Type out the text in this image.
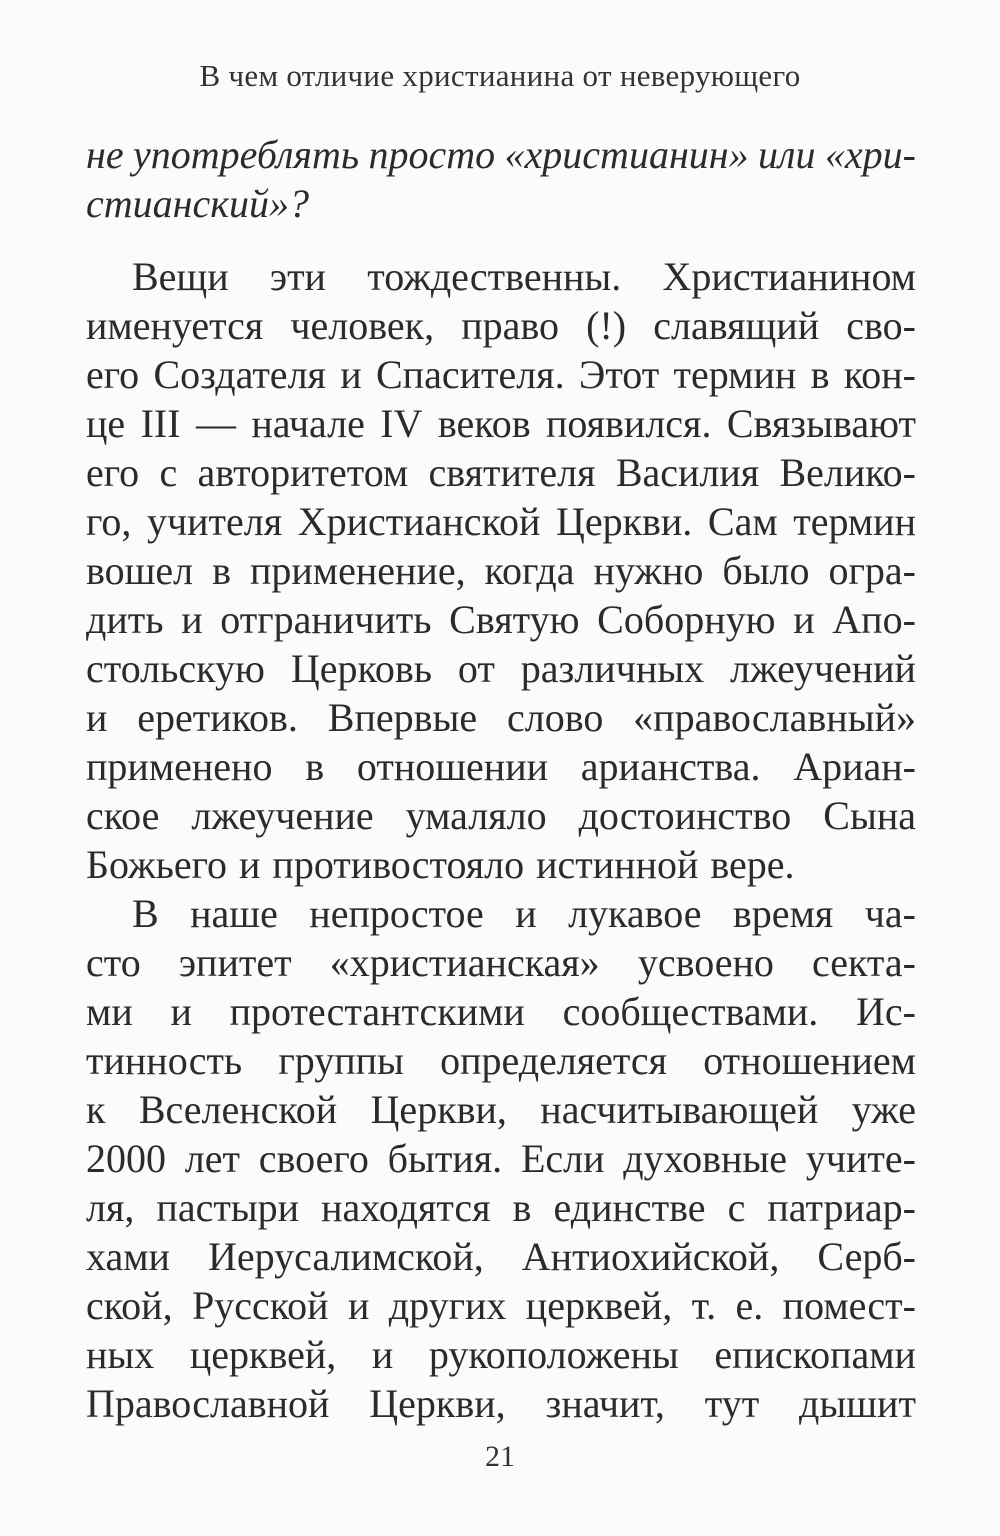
В чем отличие христианина от неверующего
не употреблять просто «христианин» или «хри-
стианский»?
Вещи эти тождественны. Христианином
именуется человек, право (!) славящий сво-
его Создателя и Спасителя. Этот термин в кон-
це III — начале IV веков появился. Связывают
его с авторитетом святителя Василия Велико-
го, учителя Христианской Церкви. Сам термин
вошел в применение, когда нужно было огра-
дить и отграничить Святую Соборную и Апо-
стольскую Церковь от различных лжеучений
и еретиков. Впервые слово «православный»
применено в отношении арианства. Ариан-
ское лжеучение умаляло достоинство Сына
Божьего и противостояло истинной вере.
В наше непростое и лукавое время ча-
сто эпитет «христианская» усвоено секта-
ми и протестантскими сообществами. Ис-
тинность группы определяется отношением
к Вселенской Церкви, насчитывающей уже
2000 лет своего бытия. Если духовные учите-
ля, пастыри находятся в единстве с патриар-
хами Иерусалимской, Антиохийской, Серб-
ской, Русской и других церквей, т. е. помест-
ных церквей, и рукоположены епископами
Православной Церкви, значит, тут дышит
21
